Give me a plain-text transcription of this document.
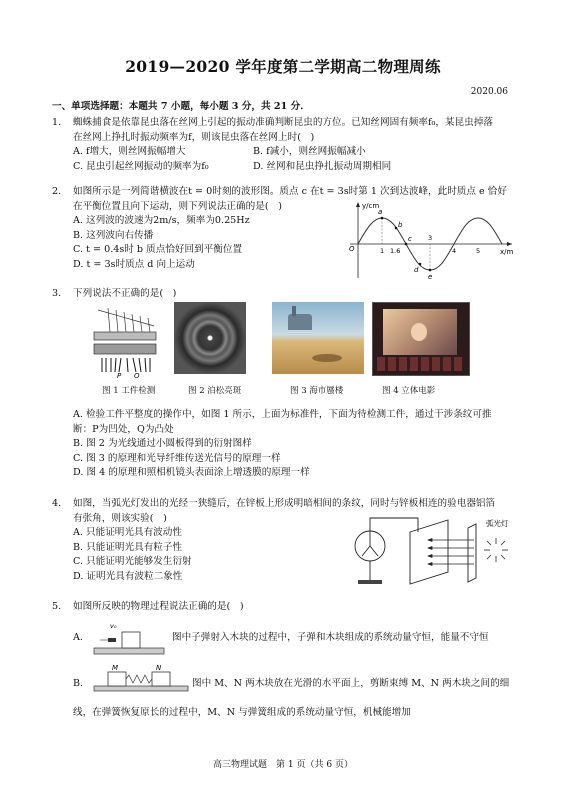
2019—2020 学年度第二学期高二物理周练
2020.06
一、单项选择题：本题共 7 小题，每小题 3 分，共 21 分．
1. 蜘蛛捕食是依靠昆虫落在丝网上引起的振动准确判断昆虫的方位。已知丝网固有频率f₀，某昆虫掉落
在丝网上挣扎时振动频率为f，则该昆虫落在丝网上时(　)
A. f增大，则丝网振幅增大	B. f减小，则丝网振幅减小
C. 昆虫引起丝网振动的频率为f₀	D. 丝网和昆虫挣扎振动周期相同
2. 如图所示是一列简谐横波在t = 0时刻的波形图。质点 c 在t = 3s时第 1 次到达波峰，此时质点 e 恰好
在平衡位置且向下运动，则下列说法正确的是(　)
A. 这列波的波速为2m/s，频率为0.25Hz
B. 这列波向右传播
C. t = 0.4s时 b 质点恰好回到平衡位置
D. t = 3s时质点 d 向上运动
y/cm
x/m
O	1 1.6
3
4	5
a
b
c
d
e
3. 下列说法不正确的是(　)
P Q
图 1 工件检测	图 2 泊松亮斑	图 3 海市蜃楼	图 4 立体电影
A. 检验工件平整度的操作中，如图 1 所示，上面为标准件，下面为待检测工件，通过干涉条纹可推
断：P为凹处，Q为凸处
B. 图 2 为光线通过小圆板得到的衍射图样
C. 图 3 的原理和光导纤维传送光信号的原理一样
D. 图 4 的原理和照相机镜头表面涂上增透膜的原理一样
4. 如图，当弧光灯发出的光经一狭缝后，在锌板上形成明暗相间的条纹，同时与锌板相连的验电器铝箔
有张角，则该实验(　)
A. 只能证明光具有波动性
B. 只能证明光具有粒子性
C. 只能证明光能够发生衍射
D. 证明光具有波粒二象性
弧光灯
5. 如图所反映的物理过程说法正确的是(　)
A.
v₀
图中子弹射入木块的过程中，子弹和木块组成的系统动量守恒，能量不守恒
B.
M	N
图中 M、N 两木块放在光滑的水平面上，剪断束缚 M、N 两木块之间的细
线，在弹簧恢复原长的过程中，M、N 与弹簧组成的系统动量守恒，机械能增加
高三物理试题　第 1 页（共 6 页）
